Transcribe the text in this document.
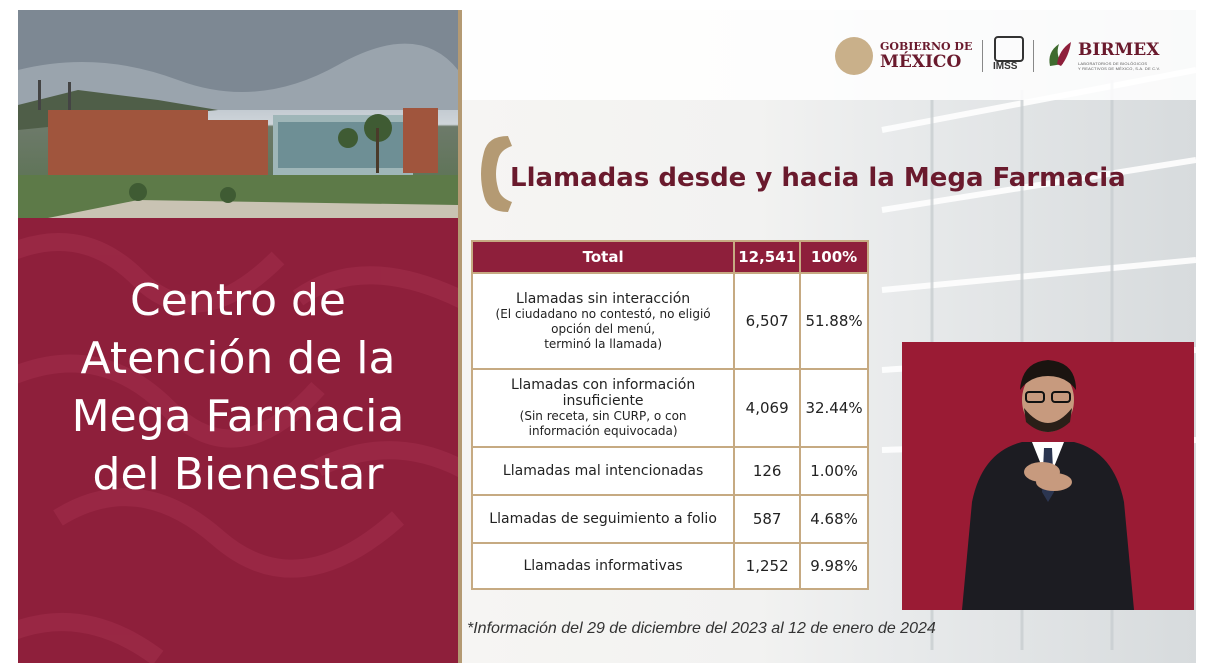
Centro de
Atención de la
Mega Farmacia
del Bienestar
GOBIERNO DE
MÉXICO	IMSS
BIRMEX
LABORATORIOS DE BIOLÓGICOS
Y REACTIVOS DE MÉXICO, S.A. DE C.V.
Llamadas desde y hacia la Mega Farmacia
Total	12,541	100%

Llamadas sin interacción
(El ciudadano no contestó, no eligió
opción del menú,
terminó la llamada)	6,507	51.88%

Llamadas con información
insuficiente
(Sin receta, sin CURP, o con
información equivocada)	4,069	32.44%

Llamadas mal intencionadas	126	1.00%

Llamadas de seguimiento a folio	587	4.68%

Llamadas informativas	1,252	9.98%
*Información del 29 de diciembre del 2023 al 12 de enero de 2024
